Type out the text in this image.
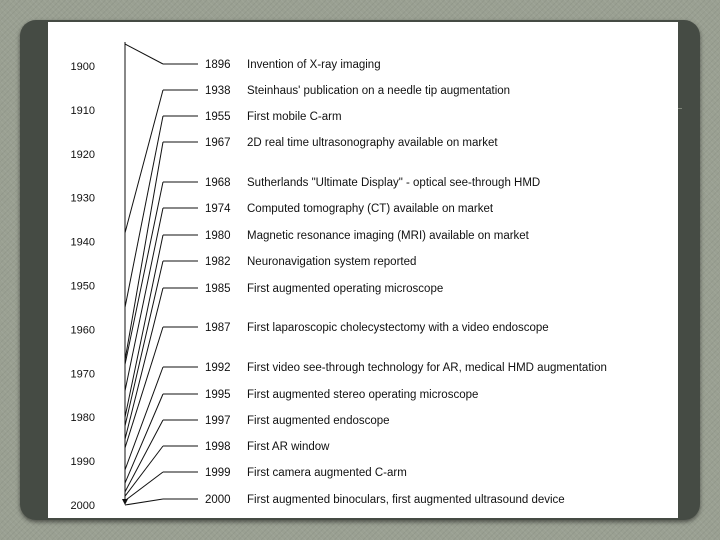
1900
1910
1920
1930
1940
1950
1960
1970
1980
1990
2000
1896 Invention of X-ray imaging
1938 Steinhaus' publication on a needle tip augmentation
1955 First mobile C-arm
1967 2D real time ultrasonography available on market
1968 Sutherlands "Ultimate Display" - optical see-through HMD
1974 Computed tomography (CT) available on market
1980 Magnetic resonance imaging (MRI) available on market
1982 Neuronavigation system reported
1985 First augmented operating microscope
1987 First laparoscopic cholecystectomy with a video endoscope
1992 First video see-through technology for AR, medical HMD augmentation
1995 First augmented stereo operating microscope
1997 First augmented endoscope
1998 First AR window
1999 First camera augmented C-arm
2000 First augmented binoculars, first augmented ultrasound device
